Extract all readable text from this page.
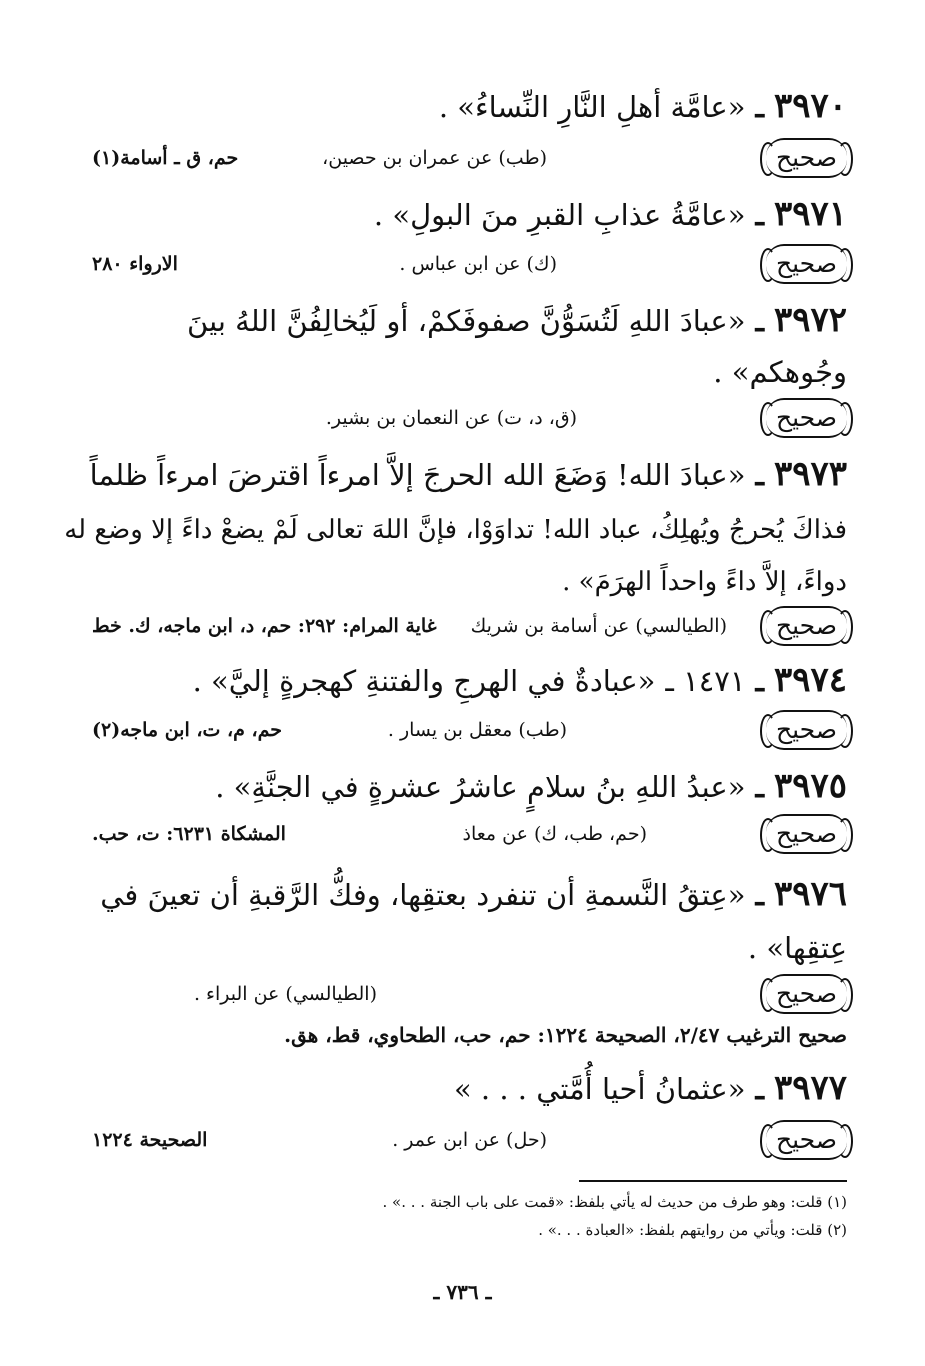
٣٩٧٠ـ«عامَّة أهلِ النَّارِ النِّساءُ» .
صحيح
(طب) عن عمران بن حصين،
حم، ق ـ أسامة(١)
٣٩٧١ـ«عامَّةُ عذابِ القبرِ منَ البولِ» .
صحيح
(ك) عن ابن عباس .
الارواء ٢٨٠
٣٩٧٢ـ«عبادَ اللهِ لَتُسَوُّنَّ صفوفَكمْ، أو لَيُخالِفُنَّ اللهُ بينَ
وجُوهكم» .
صحيح
(ق، د، ت) عن النعمان بن بشير.
٣٩٧٣ـ«عبادَ الله! وَضَعَ الله الحرجَ إلاَّ امرءاً اقترضَ امرءاً ظلماً
فذاكَ يُحرجُ ويُهلِكُ، عباد الله! تداوَوْا، فإنَّ اللهَ تعالى لَمْ يضعْ داءً إلا وضع له
دواءً، إلاَّ داءً واحداً الهرَمَ» .
صحيح
(الطيالسي) عن أسامة بن شريك
غاية المرام: ٢٩٢: حم، د، ابن ماجه، ك. خط
٣٩٧٤ـ١٤٧١ ـ«عبادةٌ في الهرجِ والفتنةِ كهجرةٍ إليَّ» .
صحيح
(طب) معقل بن يسار .
حم، م، ت، ابن ماجه(٢)
٣٩٧٥ـ«عبدُ اللهِ بنُ سلامٍ عاشرُ عشرةٍ في الجنَّةِ» .
صحيح
(حم، طب، ك) عن معاذ
المشكاة ٦٢٣١: ت، حب.
٣٩٧٦ـ«عِتقُ النَّسمةِ أن تنفرد بعتقِها، وفكُّ الرَّقبةِ أن تعينَ في
عِتقِها» .
صحيح
(الطيالسي) عن البراء .
صحيح الترغيب ٢/٤٧، الصحيحة ١٢٢٤: حم، حب، الطحاوي، قط، هق.
٣٩٧٧ـ«عثمانُ أحيا أُمَّتي . . . »
صحيح
(حل) عن ابن عمر .
الصحيحة ١٢٢٤
(١) قلت: وهو طرف من حديث له يأتي بلفظ: «قمت على باب الجنة . . .» .
(٢) قلت: ويأتي من روايتهم بلفظ: «العبادة . . .» .
ـ ٧٣٦ ـ
